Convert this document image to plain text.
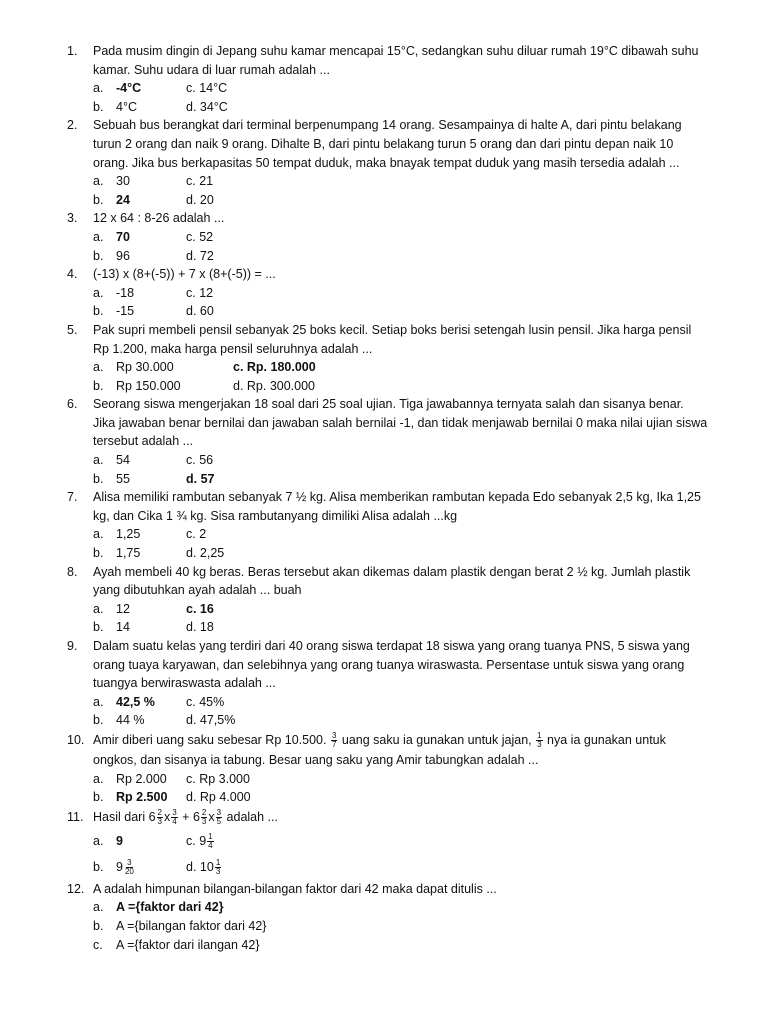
1.	Pada musim dingin di Jepang suhu kamar mencapai 15°C, sedangkan suhu diluar rumah 19°C dibawah suhu kamar. Suhu udara di luar rumah adalah ...
a.	-4°C	c. 14°C
b.	4°C	d. 34°C
2.	Sebuah bus berangkat dari terminal berpenumpang 14 orang. Sesampainya di halte A, dari pintu belakang turun 2 orang dan naik 9 orang. Dihalte B, dari pintu belakang turun 5 orang dan dari pintu depan naik 10 orang. Jika bus berkapasitas 50 tempat duduk, maka bnayak tempat duduk yang masih tersedia adalah ...
a.	30	c. 21
b.	24	d. 20
3.	12 x 64 : 8-26 adalah ...
a.	70	c. 52
b.	96	d. 72
4.	(-13) x (8+(-5)) + 7 x (8+(-5)) = ...
a.	-18	c. 12
b.	-15	d. 60
5.	Pak supri membeli pensil sebanyak 25 boks kecil. Setiap boks berisi setengah lusin pensil. Jika harga pensil Rp 1.200, maka harga pensil seluruhnya adalah ...
a.	Rp 30.000	c. Rp. 180.000
b.	Rp 150.000	d. Rp. 300.000
6.	Seorang siswa mengerjakan 18 soal dari 25 soal ujian. Tiga jawabannya ternyata salah dan sisanya benar. Jika jawaban benar bernilai dan jawaban salah bernilai -1, dan tidak menjawab bernilai 0 maka nilai ujian siswa tersebut adalah ...
a.	54	c. 56
b.	55	d. 57
7.	Alisa memiliki rambutan sebanyak 7 ½ kg. Alisa memberikan rambutan kepada Edo sebanyak 2,5 kg, Ika 1,25 kg, dan Cika 1 ¾ kg. Sisa rambutanyang dimiliki Alisa adalah ...kg
a.	1,25	c. 2
b.	1,75	d. 2,25
8.	Ayah membeli 40 kg beras. Beras tersebut akan dikemas dalam plastik dengan berat 2 ½ kg. Jumlah plastik yang dibutuhkan ayah adalah ... buah
a.	12	c. 16
b.	14	d. 18
9.	Dalam suatu kelas yang terdiri dari 40 orang siswa terdapat 18 siswa yang orang tuanya PNS, 5 siswa yang orang tuaya karyawan, dan selebihnya yang orang tuanya wiraswasta. Persentase untuk siswa yang orang tuangya berwiraswasta adalah ...
a.	42,5 %	c. 45%
b.	44 %	d. 47,5%
10. Amir diberi uang saku sebesar Rp 10.500. $\frac{3}{7}$ uang saku ia gunakan untuk jajan, $\frac{1}{3}$ nya ia gunakan untuk
ongkos, dan sisanya ia tabung. Besar uang saku yang Amir tabungkan adalah ...
a.	Rp 2.000	c. Rp 3.000
b.	Rp 2.500	d. Rp 4.000
11. Hasil dari $6 \frac{2}{3}$ x $\frac{3}{4} + 6 \frac{2}{3}$ x $\frac{3}{5}$ adalah ...
a.	9	c. $9 \frac{1}{4}$
b.	$9 \frac{3}{20}$	d. $10 \frac{1}{3}$
12. A adalah himpunan bilangan-bilangan faktor dari 42 maka dapat ditulis ...
a.	A ={faktor dari 42}
b.	A ={bilangan faktor dari 42}
c.	A ={faktor dari ilangan 42}
